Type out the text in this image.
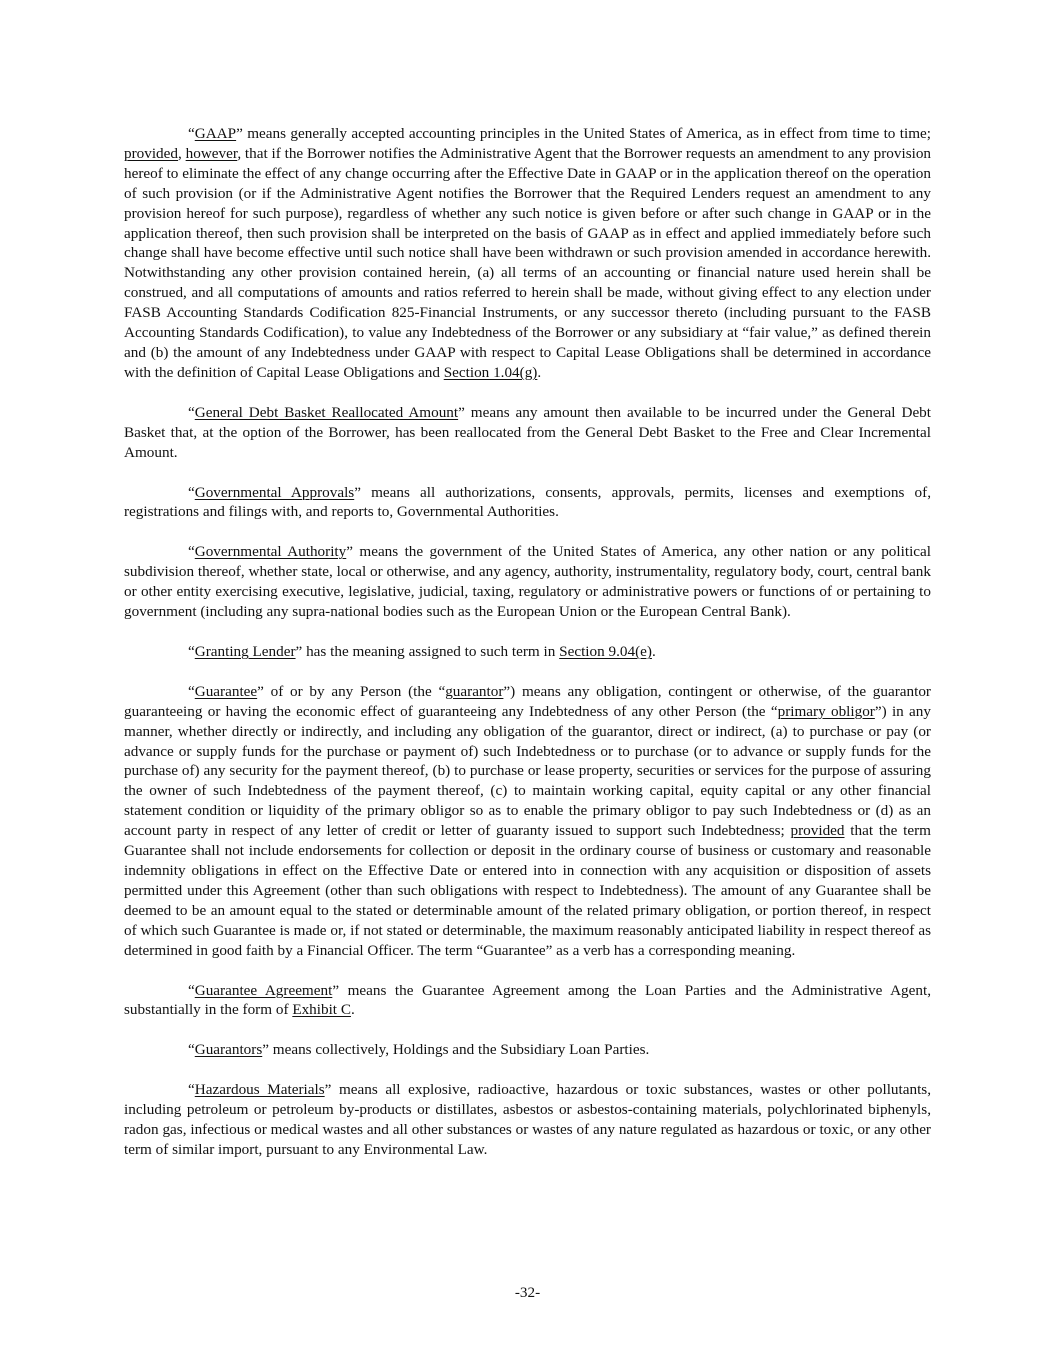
“GAAP” means generally accepted accounting principles in the United States of America, as in effect from time to time; provided, however, that if the Borrower notifies the Administrative Agent that the Borrower requests an amendment to any provision hereof to eliminate the effect of any change occurring after the Effective Date in GAAP or in the application thereof on the operation of such provision (or if the Administrative Agent notifies the Borrower that the Required Lenders request an amendment to any provision hereof for such purpose), regardless of whether any such notice is given before or after such change in GAAP or in the application thereof, then such provision shall be interpreted on the basis of GAAP as in effect and applied immediately before such change shall have become effective until such notice shall have been withdrawn or such provision amended in accordance herewith. Notwithstanding any other provision contained herein, (a) all terms of an accounting or financial nature used herein shall be construed, and all computations of amounts and ratios referred to herein shall be made, without giving effect to any election under FASB Accounting Standards Codification 825-Financial Instruments, or any successor thereto (including pursuant to the FASB Accounting Standards Codification), to value any Indebtedness of the Borrower or any subsidiary at “fair value,” as defined therein and (b) the amount of any Indebtedness under GAAP with respect to Capital Lease Obligations shall be determined in accordance with the definition of Capital Lease Obligations and Section 1.04(g).

“General Debt Basket Reallocated Amount” means any amount then available to be incurred under the General Debt Basket that, at the option of the Borrower, has been reallocated from the General Debt Basket to the Free and Clear Incremental Amount.

“Governmental Approvals” means all authorizations, consents, approvals, permits, licenses and exemptions of, registrations and filings with, and reports to, Governmental Authorities.

“Governmental Authority” means the government of the United States of America, any other nation or any political subdivision thereof, whether state, local or otherwise, and any agency, authority, instrumentality, regulatory body, court, central bank or other entity exercising executive, legislative, judicial, taxing, regulatory or administrative powers or functions of or pertaining to government (including any supra-national bodies such as the European Union or the European Central Bank).

“Granting Lender” has the meaning assigned to such term in Section 9.04(e).

“Guarantee” of or by any Person (the “guarantor”) means any obligation, contingent or otherwise, of the guarantor guaranteeing or having the economic effect of guaranteeing any Indebtedness of any other Person (the “primary obligor”) in any manner, whether directly or indirectly, and including any obligation of the guarantor, direct or indirect, (a) to purchase or pay (or advance or supply funds for the purchase or payment of) such Indebtedness or to purchase (or to advance or supply funds for the purchase of) any security for the payment thereof, (b) to purchase or lease property, securities or services for the purpose of assuring the owner of such Indebtedness of the payment thereof, (c) to maintain working capital, equity capital or any other financial statement condition or liquidity of the primary obligor so as to enable the primary obligor to pay such Indebtedness or (d) as an account party in respect of any letter of credit or letter of guaranty issued to support such Indebtedness; provided that the term Guarantee shall not include endorsements for collection or deposit in the ordinary course of business or customary and reasonable indemnity obligations in effect on the Effective Date or entered into in connection with any acquisition or disposition of assets permitted under this Agreement (other than such obligations with respect to Indebtedness). The amount of any Guarantee shall be deemed to be an amount equal to the stated or determinable amount of the related primary obligation, or portion thereof, in respect of which such Guarantee is made or, if not stated or determinable, the maximum reasonably anticipated liability in respect thereof as determined in good faith by a Financial Officer. The term “Guarantee” as a verb has a corresponding meaning.

“Guarantee Agreement” means the Guarantee Agreement among the Loan Parties and the Administrative Agent, substantially in the form of Exhibit C.

“Guarantors” means collectively, Holdings and the Subsidiary Loan Parties.

“Hazardous Materials” means all explosive, radioactive, hazardous or toxic substances, wastes or other pollutants, including petroleum or petroleum by-products or distillates, asbestos or asbestos-containing materials, polychlorinated biphenyls, radon gas, infectious or medical wastes and all other substances or wastes of any nature regulated as hazardous or toxic, or any other term of similar import, pursuant to any Environmental Law.

-32-
